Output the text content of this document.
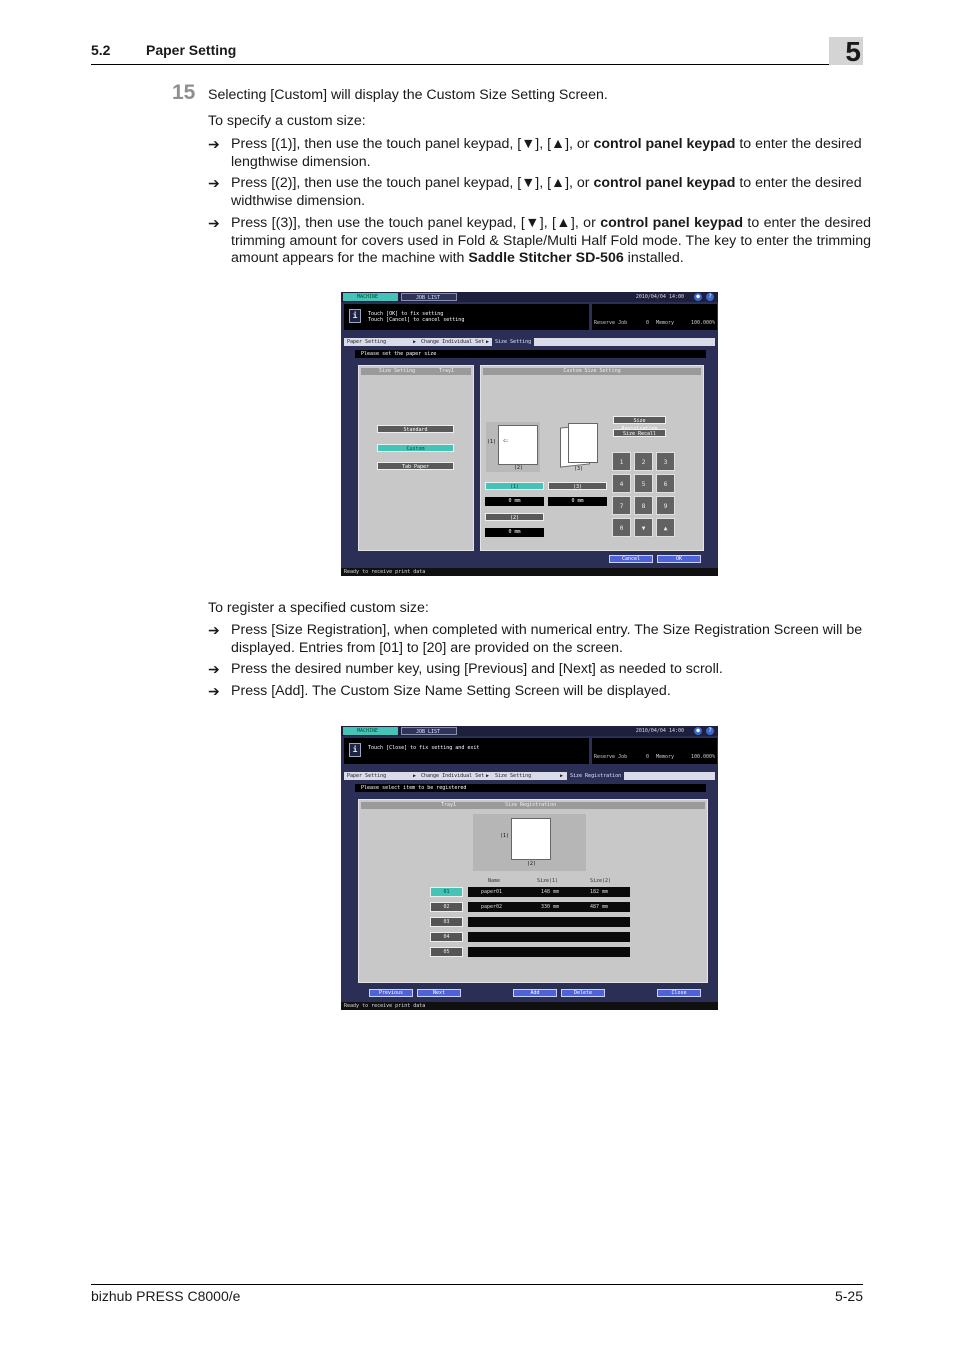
5.2	Paper Setting	5
15 Selecting [Custom] will display the Custom Size Setting Screen.
To specify a custom size:
➔ Press [(1)], then use the touch panel keypad, [▼], [▲], or control panel keypad to enter the desired lengthwise dimension.
➔ Press [(2)], then use the touch panel keypad, [▼], [▲], or control panel keypad to enter the desired widthwise dimension.
➔ Press [(3)], then use the touch panel keypad, [▼], [▲], or control panel keypad to enter the desired trimming amount for covers used in Fold & Staple/Multi Half Fold mode. The key to enter the trimming amount appears for the machine with Saddle Stitcher SD-506 installed.
MACHINE	JOB LIST	2010/04/04 14:00	●	?
i	Touch [OK] to fix setting
Touch [Cancel] to cancel setting	Reserve Job	0 Memory	100.000%
Paper Setting	▶ Change Individual Set ▶	Size Setting
Please set the paper size
Size Setting	Tray1
Standard
Custom
Tab Paper
Custom Size Setting
Size
Size Recall
(1)
(2)
⇐
(3)
(1)
0 mm
(2)
0 mm
(3)
0 mm
1	2	3
4	5	6
7	8	9
0	▼	▲
Cancel	OK
Ready to receive print data
To register a specified custom size:
➔ Press [Size Registration], when completed with numerical entry. The Size Registration Screen will be displayed. Entries from [01] to [20] are provided on the screen.
➔ Press the desired number key, using [Previous] and [Next] as needed to scroll.
➔ Press [Add]. The Custom Size Name Setting Screen will be displayed.
MACHINE	JOB LIST	2010/04/04 14:00	●	?
i	Touch [Close] to fix setting and exit
Reserve Job	0 Memory	100.000%
Paper Setting	▶ Change Individual Set ▶ Size Setting	▶	Size Registration
Please select item to be registered
Tray1	Size Registration
(1)
(2)
Name	Size(1)	Size(2)
01	paper01	148 mm	182 mm
02	paper02	330 mm	487 mm
03
04
05
Previous	Next	Add	Delete	Close
Ready to receive print data
bizhub PRESS C8000/e	5-25
